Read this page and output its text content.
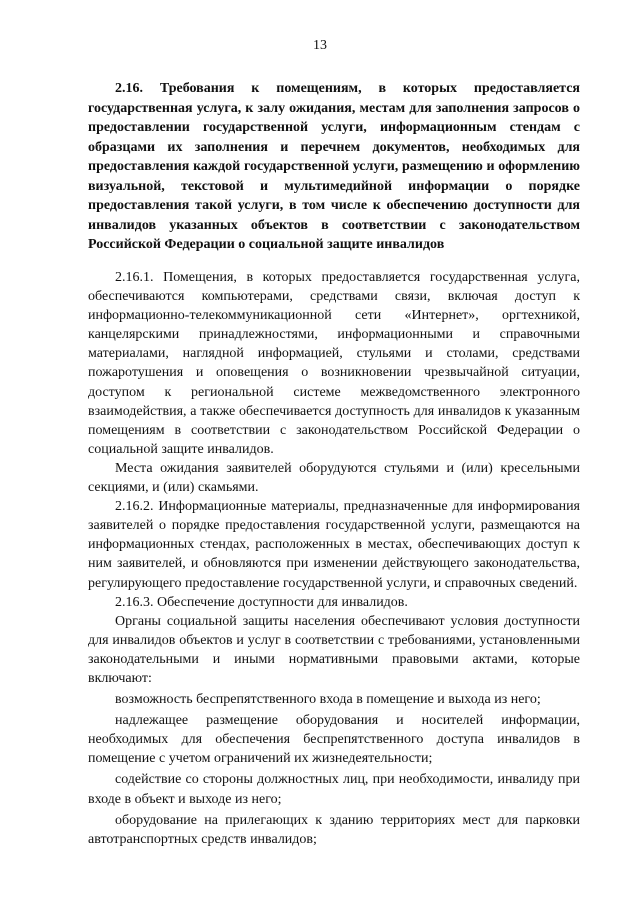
13

2.16. Требования к помещениям, в которых предоставляется государственная услуга, к залу ожидания, местам для заполнения запросов о предоставлении государственной услуги, информационным стендам с образцами их заполнения и перечнем документов, необходимых для предоставления каждой государственной услуги, размещению и оформлению визуальной, текстовой и мультимедийной информации о порядке предоставления такой услуги, в том числе к обеспечению доступности для инвалидов указанных объектов в соответствии с законодательством Российской Федерации о социальной защите инвалидов

2.16.1. Помещения, в которых предоставляется государственная услуга, обеспечиваются компьютерами, средствами связи, включая доступ к информационно-телекоммуникационной сети «Интернет», оргтехникой, канцелярскими принадлежностями, информационными и справочными материалами, наглядной информацией, стульями и столами, средствами пожаротушения и оповещения о возникновении чрезвычайной ситуации, доступом к региональной системе межведомственного электронного взаимодействия, а также обеспечивается доступность для инвалидов к указанным помещениям в соответствии с законодательством Российской Федерации о социальной защите инвалидов.

Места ожидания заявителей оборудуются стульями и (или) кресельными секциями, и (или) скамьями.

2.16.2. Информационные материалы, предназначенные для информирования заявителей о порядке предоставления государственной услуги, размещаются на информационных стендах, расположенных в местах, обеспечивающих доступ к ним заявителей, и обновляются при изменении действующего законодательства, регулирующего предоставление государственной услуги, и справочных сведений.

2.16.3. Обеспечение доступности для инвалидов.

Органы социальной защиты населения обеспечивают условия доступности для инвалидов объектов и услуг в соответствии с требованиями, установленными законодательными и иными нормативными правовыми актами, которые включают:

возможность беспрепятственного входа в помещение и выхода из него;

надлежащее размещение оборудования и носителей информации, необходимых для обеспечения беспрепятственного доступа инвалидов в помещение с учетом ограничений их жизнедеятельности;

содействие со стороны должностных лиц, при необходимости, инвалиду при входе в объект и выходе из него;

оборудование на прилегающих к зданию территориях мест для парковки автотранспортных средств инвалидов;
